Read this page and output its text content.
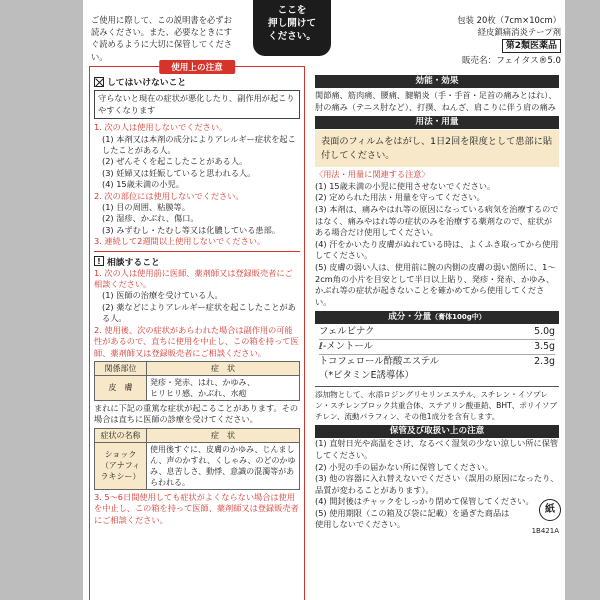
ご使用に際して、この説明書を必ずお読みください。また、必要なときにすぐ読めるように大切に保管してください。
ここを
押し開けて
ください。
包装 20枚（7cm×10cm）
経皮鎮痛消炎テープ剤
第2類医薬品
販売名：フェイタス®5.0
使用上の注意
してはいけないこと
守らないと現在の症状が悪化したり、副作用が起こりやすくなります
1. 次の人は使用しないでください。
(1) 本剤又は本剤の成分によりアレルギー症状を起こしたことがある人。
(2) ぜんそくを起こしたことがある人。
(3) 妊婦又は妊娠していると思われる人。
(4) 15歳未満の小児。
2. 次の部位には使用しないでください。
(1) 目の周囲、粘膜等。
(2) 湿疹、かぶれ、傷口。
(3) みずむし・たむし等又は化膿している患部。
3. 連続して2週間以上使用しないでください。
! 相談すること
1. 次の人は使用前に医師、薬剤師又は登録販売者にご相談ください。
(1) 医師の治療を受けている人。
(2) 薬などによりアレルギー症状を起こしたことがある人。
2. 使用後、次の症状があらわれた場合は副作用の可能性があるので、直ちに使用を中止し、この箱を持って医師、薬剤師又は登録販売者にご相談ください。
関係部位	症　状
皮　膚	発疹・発赤、はれ、かゆみ、
ヒリヒリ感、かぶれ、水疱
まれに下記の重篤な症状が起こることがあります。その場合は直ちに医師の診療を受けてください。
症状の名称	症　状

ショック
（アナフィ
ラキシー）	使用後すぐに、皮膚のかゆみ、じんましん、声のかすれ、くしゃみ、のどのかゆみ、息苦しさ、動悸、意識の混濁等があらわれる。
3. 5〜6日間使用しても症状がよくならない場合は使用を中止し、この箱を持って医師、薬剤師又は登録販売者にご相談ください。
効能・効果
関節痛、筋肉痛、腰痛、腱鞘炎（手・手首・足首の痛みとはれ）、肘の痛み（テニス肘など）、打撲、ねんざ、肩こりに伴う肩の痛み
用法・用量
表面のフィルムをはがし、1日2回を限度として患部に貼付してください。
〈用法・用量に関連する注意〉
(1) 15歳未満の小児に使用させないでください。
(2) 定められた用法・用量を守ってください。
(3) 本剤は、痛みやはれ等の原因になっている病気を治療するのではなく、痛みやはれ等の症状のみを治療する薬剤なので、症状がある場合だけ使用してください。
(4) 汗をかいたり皮膚がぬれている時は、よくふき取ってから使用してください。
(5) 皮膚の弱い人は、使用前に腕の内側の皮膚の弱い箇所に、1〜2cm角の小片を目安として半日以上貼り、発疹・発赤、かゆみ、かぶれ等の症状が起きないことを確かめてから使用してください。
成分・分量（膏体100g中）
フェルビナク	5.0g
ℓ-メントール	3.5g
トコフェロール酢酸エステル	2.3g
（*ビタミンE誘導体）
添加物として、水添ロジングリセリンエステル、スチレン・イソプレン・スチレンブロック共重合体、ステアリン酸亜鉛、BHT、ポリイソブチレン、流動パラフィン、その他1成分を含有します。
保管及び取扱い上の注意
(1) 直射日光や高温をさけ、なるべく湿気の少ない涼しい所に保管してください。
(2) 小児の手の届かない所に保管してください。
(3) 他の容器に入れ替えないでください（誤用の原因になったり、品質が変わることがあります）。
(4) 開封後はチャックをしっかり閉めて保管してください。
(5) 使用期限（この箱及び袋に記載）を過ぎた商品は使用しないでください。
紙
1B421A
